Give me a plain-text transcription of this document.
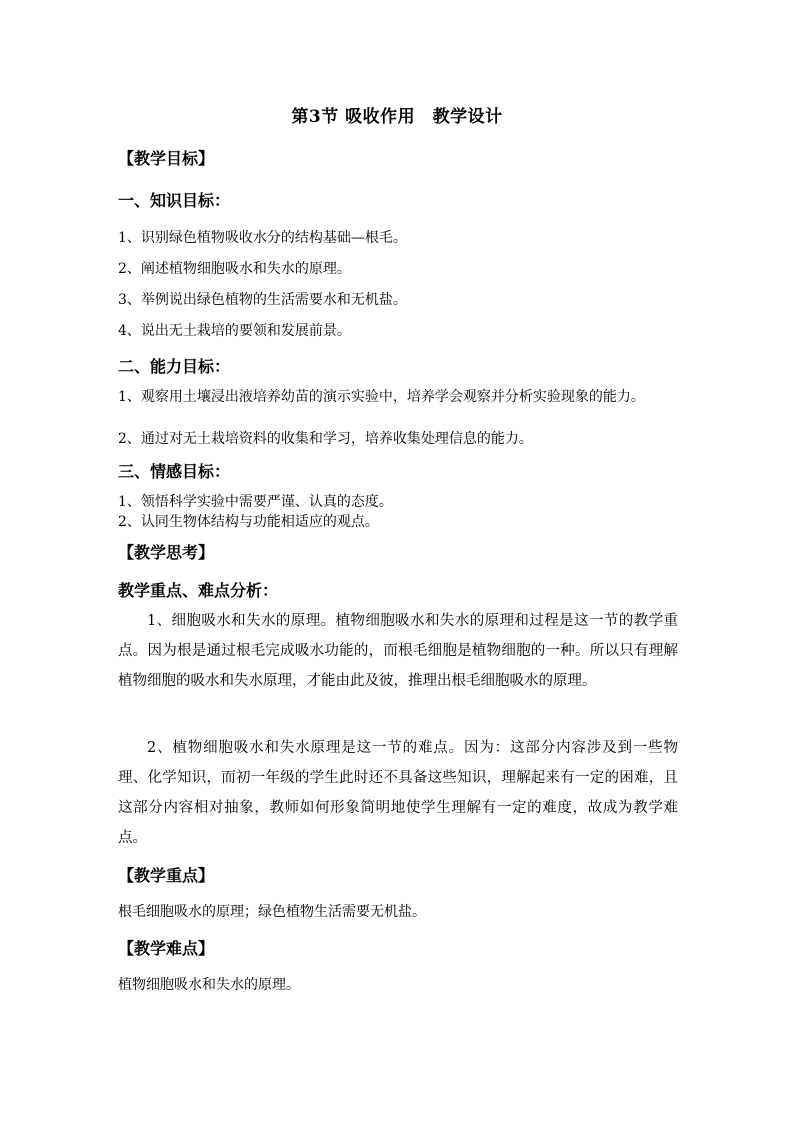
第3节 吸收作用　教学设计
【教学目标】
一、知识目标：
1、识别绿色植物吸收水分的结构基础—根毛。
2、阐述植物细胞吸水和失水的原理。
3、举例说出绿色植物的生活需要水和无机盐。
4、说出无土栽培的要领和发展前景。
二、能力目标：
1、观察用土壤浸出液培养幼苗的演示实验中，培养学会观察并分析实验现象的能力。
2、通过对无土栽培资料的收集和学习，培养收集处理信息的能力。
三、情感目标：
1、领悟科学实验中需要严谨、认真的态度。
2、认同生物体结构与功能相适应的观点。
【教学思考】
教学重点、难点分析：
1、细胞吸水和失水的原理。植物细胞吸水和失水的原理和过程是这一节的教学重点。因为根是通过根毛完成吸水功能的，而根毛细胞是植物细胞的一种。所以只有理解植物细胞的吸水和失水原理，才能由此及彼，推理出根毛细胞吸水的原理。
2、植物细胞吸水和失水原理是这一节的难点。因为：这部分内容涉及到一些物理、化学知识，而初一年级的学生此时还不具备这些知识，理解起来有一定的困难，且这部分内容相对抽象，教师如何形象简明地使学生理解有一定的难度，故成为教学难点。
【教学重点】
根毛细胞吸水的原理；绿色植物生活需要无机盐。
【教学难点】
植物细胞吸水和失水的原理。
